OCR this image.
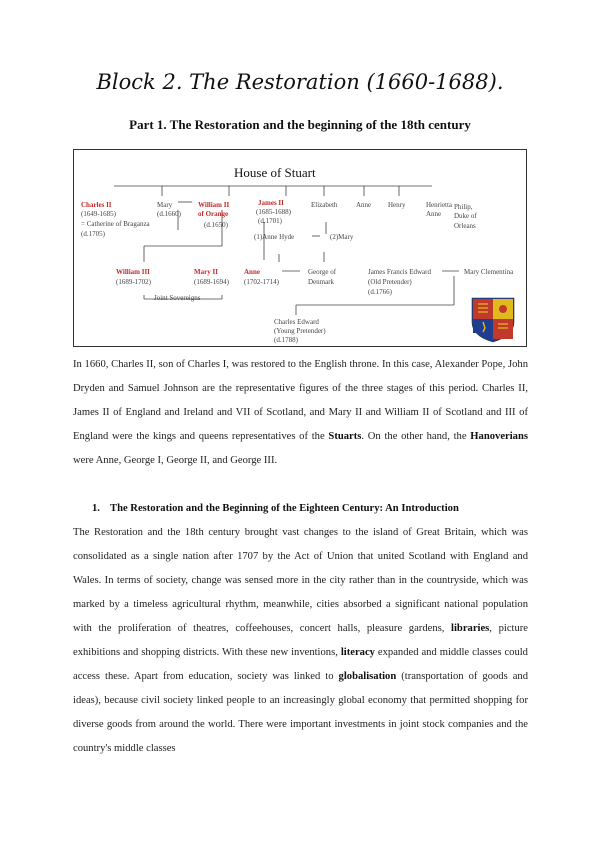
Block 2. The Restoration (1660-1688).
Part 1. The Restoration and the beginning of the 18th century
House of Stuart
Charles II
(1649-1685)
= Catherine of Braganza
(d.1705)
Mary
(d.1660)
William II
of Orange
(d.1650)
James II
(1685-1688)
(d.1701)
(1)Anne Hyde	(2)Mary
Elizabeth	Anne Henry	Henrietta
Anne
Philip,
Duke of
Orleans
William III
(1689-1702)
Mary II
(1689-1694)
Joint Sovereigns
Anne
(1702-1714)
George of
Denmark
James Francis Edward
(Old Pretender)
(d.1766)
Mary Clementina
Charles Edward
(Young Pretender)
(d.1788)
In 1660, Charles II, son of Charles I, was restored to the English throne. In this case, Alexander Pope, John Dryden and Samuel Johnson are the representative figures of the three stages of this period. Charles II, James II of England and Ireland and VII of Scotland, and Mary II and William II of Scotland and III of England were the kings and queens representatives of the Stuarts. On the other hand, the Hanoverians were Anne, George I, George II, and George III.
1. The Restoration and the Beginning of the Eighteen Century: An Introduction
The Restoration and the 18th century brought vast changes to the island of Great Britain, which was consolidated as a single nation after 1707 by the Act of Union that united Scotland with England and Wales. In terms of society, change was sensed more in the city rather than in the countryside, which was marked by a timeless agricultural rhythm, meanwhile, cities absorbed a significant national population with the proliferation of theatres, coffeehouses, concert halls, pleasure gardens, libraries, picture exhibitions and shopping districts. With these new inventions, literacy expanded and middle classes could access these. Apart from education, society was linked to globalisation (transportation of goods and ideas), because civil society linked people to an increasingly global economy that permitted shopping for diverse goods from around the world. There were important investments in joint stock companies and the country's middle classes
